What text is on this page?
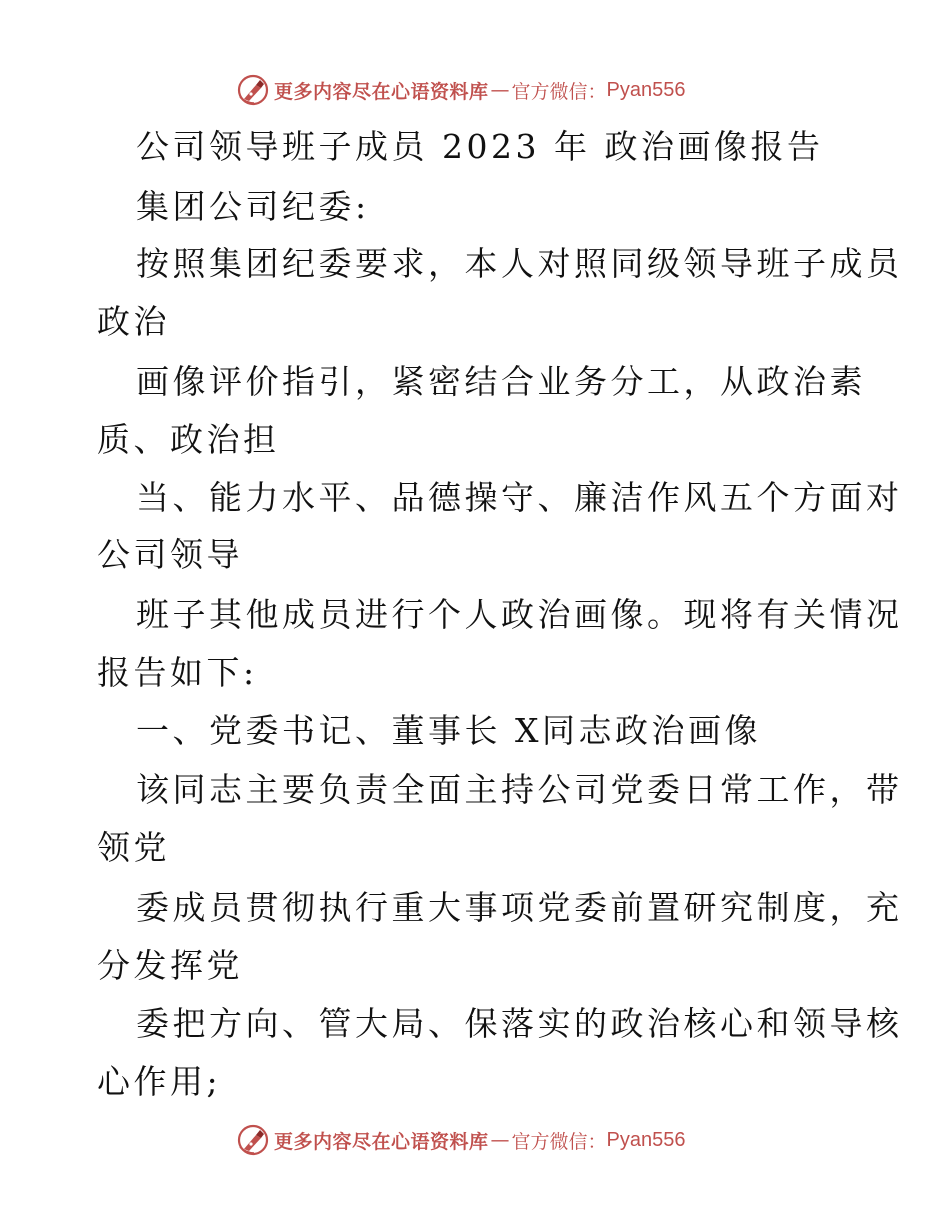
更多内容尽在心语资料库 — 官方微信： Pyan556
公司领导班子成员 2023 年 政治画像报告
集团公司纪委:
按照集团纪委要求，本人对照同级领导班子成员
政治
画像评价指引，紧密结合业务分工，从政治素
质、政治担
当、能力水平、品德操守、廉洁作风五个方面对
公司领导
班子其他成员进行个人政治画像。现将有关情况
报告如下:
一、党委书记、董事长 X同志政治画像
该同志主要负责全面主持公司党委日常工作，带
领党
委成员贯彻执行重大事项党委前置研究制度，充
分发挥党
委把方向、管大局、保落实的政治核心和领导核
心作用;
更多内容尽在心语资料库 — 官方微信： Pyan556
